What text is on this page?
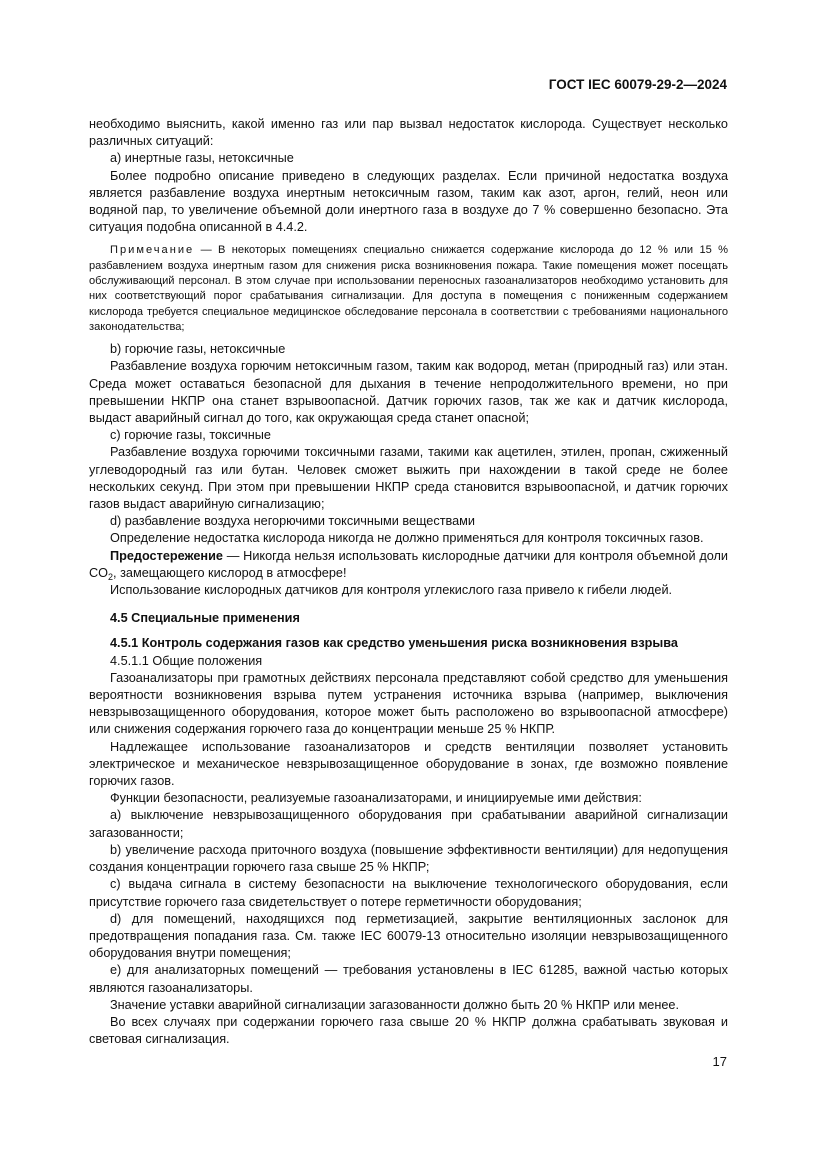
ГОСТ IEC 60079-29-2—2024

необходимо выяснить, какой именно газ или пар вызвал недостаток кислорода. Существует несколько различных ситуаций:

a) инертные газы, нетоксичные

Более подробно описание приведено в следующих разделах. Если причиной недостатка воздуха является разбавление воздуха инертным нетоксичным газом, таким как азот, аргон, гелий, неон или водяной пар, то увеличение объемной доли инертного газа в воздухе до 7 % совершенно безопасно. Эта ситуация подобна описанной в 4.4.2.

Примечание — В некоторых помещениях специально снижается содержание кислорода до 12 % или 15 % разбавлением воздуха инертным газом для снижения риска возникновения пожара. Такие помещения может посещать обслуживающий персонал. В этом случае при использовании переносных газоанализаторов необходимо установить для них соответствующий порог срабатывания сигнализации. Для доступа в помещения с пониженным содержанием кислорода требуется специальное медицинское обследование персонала в соответствии с требованиями национального законодательства;

b) горючие газы, нетоксичные

Разбавление воздуха горючим нетоксичным газом, таким как водород, метан (природный газ) или этан. Среда может оставаться безопасной для дыхания в течение непродолжительного времени, но при превышении НКПР она станет взрывоопасной. Датчик горючих газов, так же как и датчик кислорода, выдаст аварийный сигнал до того, как окружающая среда станет опасной;

c) горючие газы, токсичные

Разбавление воздуха горючими токсичными газами, такими как ацетилен, этилен, пропан, сжиженный углеводородный газ или бутан. Человек сможет выжить при нахождении в такой среде не более нескольких секунд. При этом при превышении НКПР среда становится взрывоопасной, и датчик горючих газов выдаст аварийную сигнализацию;

d) разбавление воздуха негорючими токсичными веществами

Определение недостатка кислорода никогда не должно применяться для контроля токсичных газов.

Предостережение — Никогда нельзя использовать кислородные датчики для контроля объемной доли $CO_2$, замещающего кислород в атмосфере!

Использование кислородных датчиков для контроля углекислого газа привело к гибели людей.

4.5 Специальные применения

4.5.1 Контроль содержания газов как средство уменьшения риска возникновения взрыва

4.5.1.1 Общие положения

Газоанализаторы при грамотных действиях персонала представляют собой средство для уменьшения вероятности возникновения взрыва путем устранения источника взрыва (например, выключения невзрывозащищенного оборудования, которое может быть расположено во взрывоопасной атмосфере) или снижения содержания горючего газа до концентрации меньше 25 % НКПР.

Надлежащее использование газоанализаторов и средств вентиляции позволяет установить электрическое и механическое невзрывозащищенное оборудование в зонах, где возможно появление горючих газов.

Функции безопасности, реализуемые газоанализаторами, и инициируемые ими действия:

a) выключение невзрывозащищенного оборудования при срабатывании аварийной сигнализации загазованности;

b) увеличение расхода приточного воздуха (повышение эффективности вентиляции) для недопущения создания концентрации горючего газа свыше 25 % НКПР;

c) выдача сигнала в систему безопасности на выключение технологического оборудования, если присутствие горючего газа свидетельствует о потере герметичности оборудования;

d) для помещений, находящихся под герметизацией, закрытие вентиляционных заслонок для предотвращения попадания газа. См. также IEC 60079-13 относительно изоляции невзрывозащищенного оборудования внутри помещения;

e) для анализаторных помещений — требования установлены в IEC 61285, важной частью которых являются газоанализаторы.

Значение уставки аварийной сигнализации загазованности должно быть 20 % НКПР или менее.

Во всех случаях при содержании горючего газа свыше 20 % НКПР должна срабатывать звуковая и световая сигнализация.

17
